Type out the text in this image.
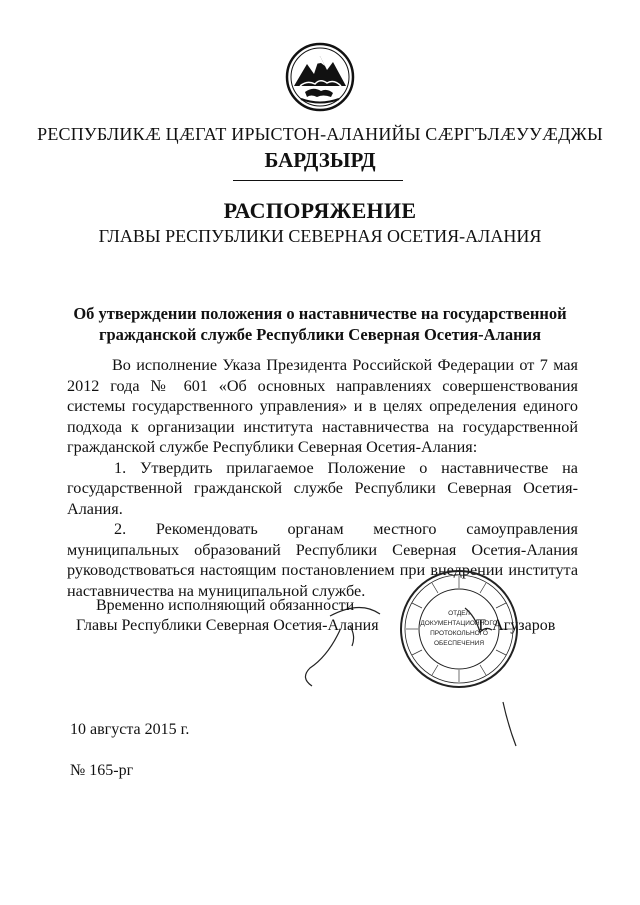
РЕСПУБЛИКÆ ЦÆГАТ ИРЫСТОН-АЛАНИЙЫ СÆРГЪЛÆУУÆДЖЫ
БАРДЗЫРД
РАСПОРЯЖЕНИЕ
ГЛАВЫ РЕСПУБЛИКИ СЕВЕРНАЯ ОСЕТИЯ-АЛАНИЯ
Об утверждении положения о наставничестве на государственной
гражданской службе Республики Северная Осетия-Алания

Во исполнение Указа Президента Российской Федерации от 7 мая 2012 года № 601 «Об основных направлениях совершенствования системы государственного управления» и в целях определения единого подхода к организации института наставничества на государственной гражданской службе Республики Северная Осетия-Алания:

1. Утвердить прилагаемое Положение о наставничестве на государственной гражданской службе Республики Северная Осетия-Алания.

2. Рекомендовать органам местного самоуправления муниципальных образований Республики Северная Осетия-Алания руководствоваться настоящим постановлением при внедрении института наставничества на муниципальной службе.

ОТДЕЛ
ДОКУМЕНТАЦИОННОГО
ПРОТОКОЛЬНОГО
ОБЕСПЕЧЕНИЯ
Временно исполняющий обязанности
Главы Республики Северная Осетия-Алания	Т. Агузаров
10 августа 2015 г.
№ 165-рг
